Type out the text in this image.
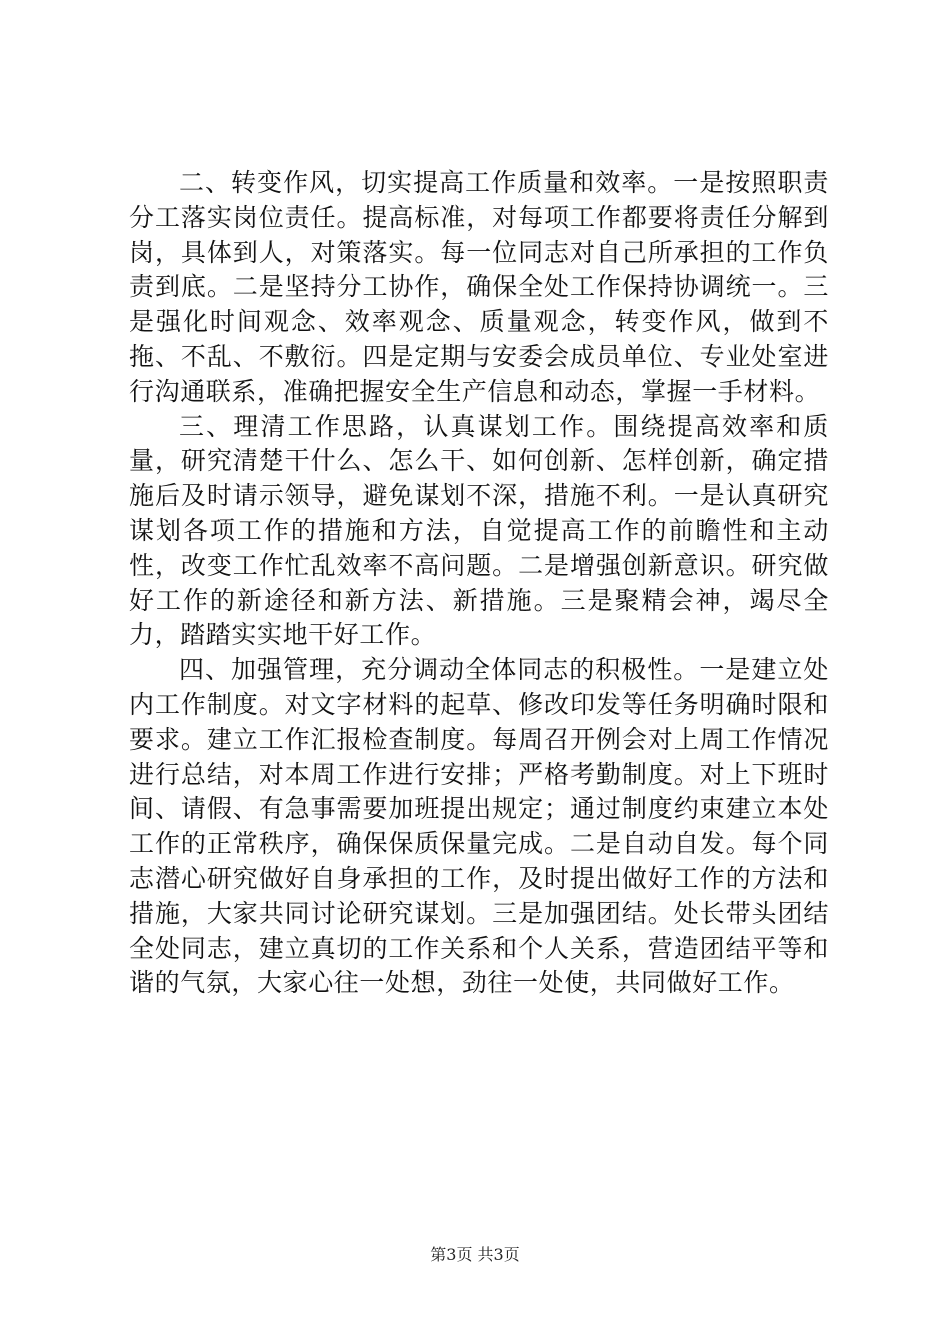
二、转变作风，切实提高工作质量和效率。一是按照职责分工落实岗位责任。提高标准，对每项工作都要将责任分解到岗，具体到人，对策落实。每一位同志对自己所承担的工作负责到底。二是坚持分工协作，确保全处工作保持协调统一。三是强化时间观念、效率观念、质量观念，转变作风，做到不拖、不乱、不敷衍。四是定期与安委会成员单位、专业处室进行沟通联系，准确把握安全生产信息和动态，掌握一手材料。

三、理清工作思路，认真谋划工作。围绕提高效率和质量，研究清楚干什么、怎么干、如何创新、怎样创新，确定措施后及时请示领导，避免谋划不深，措施不利。一是认真研究谋划各项工作的措施和方法，自觉提高工作的前瞻性和主动性，改变工作忙乱效率不高问题。二是增强创新意识。研究做好工作的新途径和新方法、新措施。三是聚精会神，竭尽全力，踏踏实实地干好工作。

四、加强管理，充分调动全体同志的积极性。一是建立处内工作制度。对文字材料的起草、修改印发等任务明确时限和要求。建立工作汇报检查制度。每周召开例会对上周工作情况进行总结，对本周工作进行安排；严格考勤制度。对上下班时间、请假、有急事需要加班提出规定；通过制度约束建立本处工作的正常秩序，确保保质保量完成。二是自动自发。每个同志潜心研究做好自身承担的工作，及时提出做好工作的方法和措施，大家共同讨论研究谋划。三是加强团结。处长带头团结全处同志，建立真切的工作关系和个人关系，营造团结平等和谐的气氛，大家心往一处想，劲往一处使，共同做好工作。

第3页 共3页
